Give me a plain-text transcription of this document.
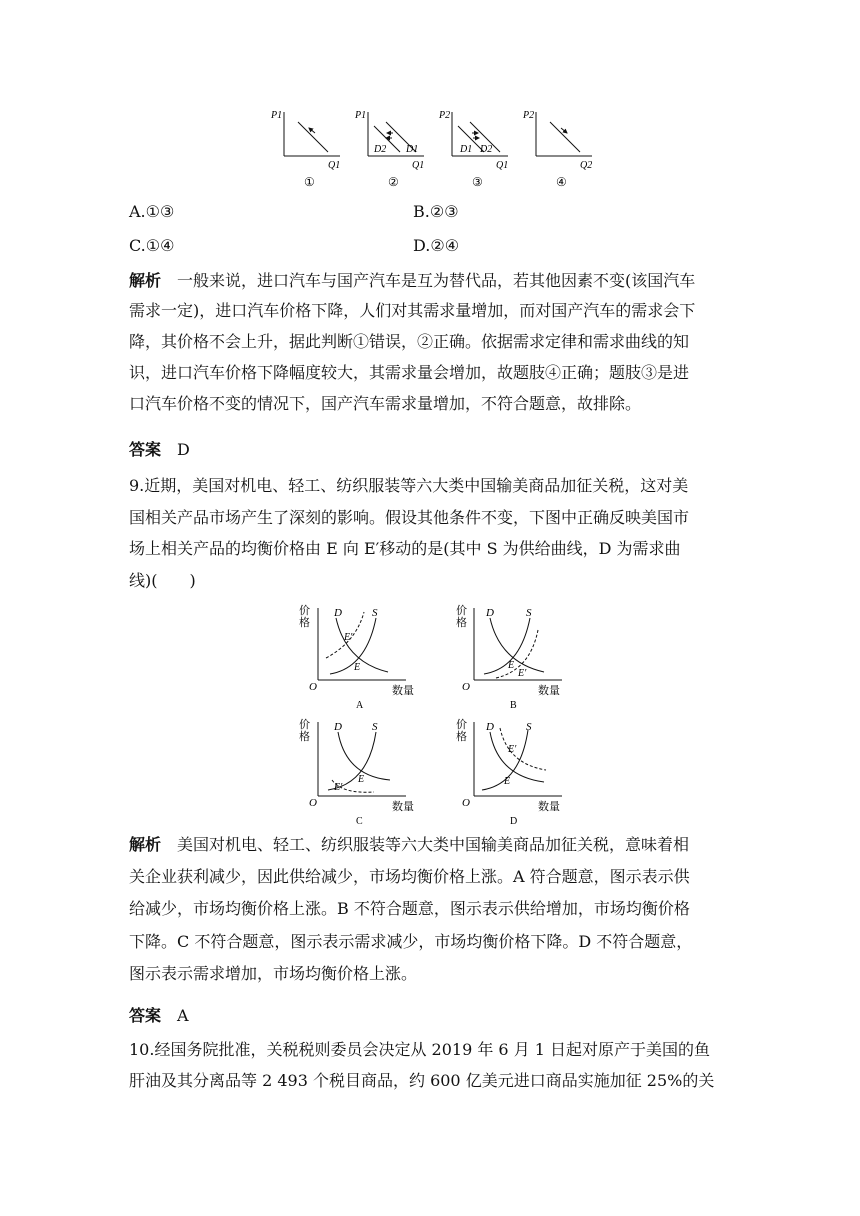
P1
Q1
①
P1
D2 D1
Q1
②
P2
D1 D2
Q1
③
P2
Q2
④
A.①③	B.②③
C.①④	D.②④
解析　 一般来说，进口汽车与国产汽车是互为替代品，若其他因素不变(该国汽车
需求一定)，进口汽车价格下降，人们对其需求量增加，而对国产汽车的需求会下
降，其价格不会上升，据此判断①错误，②正确。依据需求定律和需求曲线的知
识，进口汽车价格下降幅度较大，其需求量会增加，故题肢④正确；题肢③是进
口汽车价格不变的情况下，国产汽车需求量增加，不符合题意，故排除。
答案　 D
9.近期，美国对机电、轻工、纺织服装等六大类中国输美商品加征关税，这对美
国相关产品市场产生了深刻的影响。假设其他条件不变，下图中正确反映美国市
场上相关产品的均衡价格由 E 向 E′移动的是(其中 S 为供给曲线，D 为需求曲
线)(　　)
价
格
O	数量
D	S
E′
E
A
价
格
O	数量
D	S
E
E′
B
价
格
O	数量
D	S
E
E′
C
价
格
O	数量
D	S
E′
E
D
解析　 美国对机电、轻工、纺织服装等六大类中国输美商品加征关税，意味着相
关企业获利减少，因此供给减少，市场均衡价格上涨。A 符合题意，图示表示供
给减少，市场均衡价格上涨。B 不符合题意，图示表示供给增加，市场均衡价格
下降。C 不符合题意，图示表示需求减少，市场均衡价格下降。D 不符合题意，
图示表示需求增加，市场均衡价格上涨。
答案　 A
10.经国务院批准，关税税则委员会决定从 2019 年 6 月 1 日起对原产于美国的鱼
肝油及其分离品等 2 493 个税目商品，约 600 亿美元进口商品实施加征 25%的关
